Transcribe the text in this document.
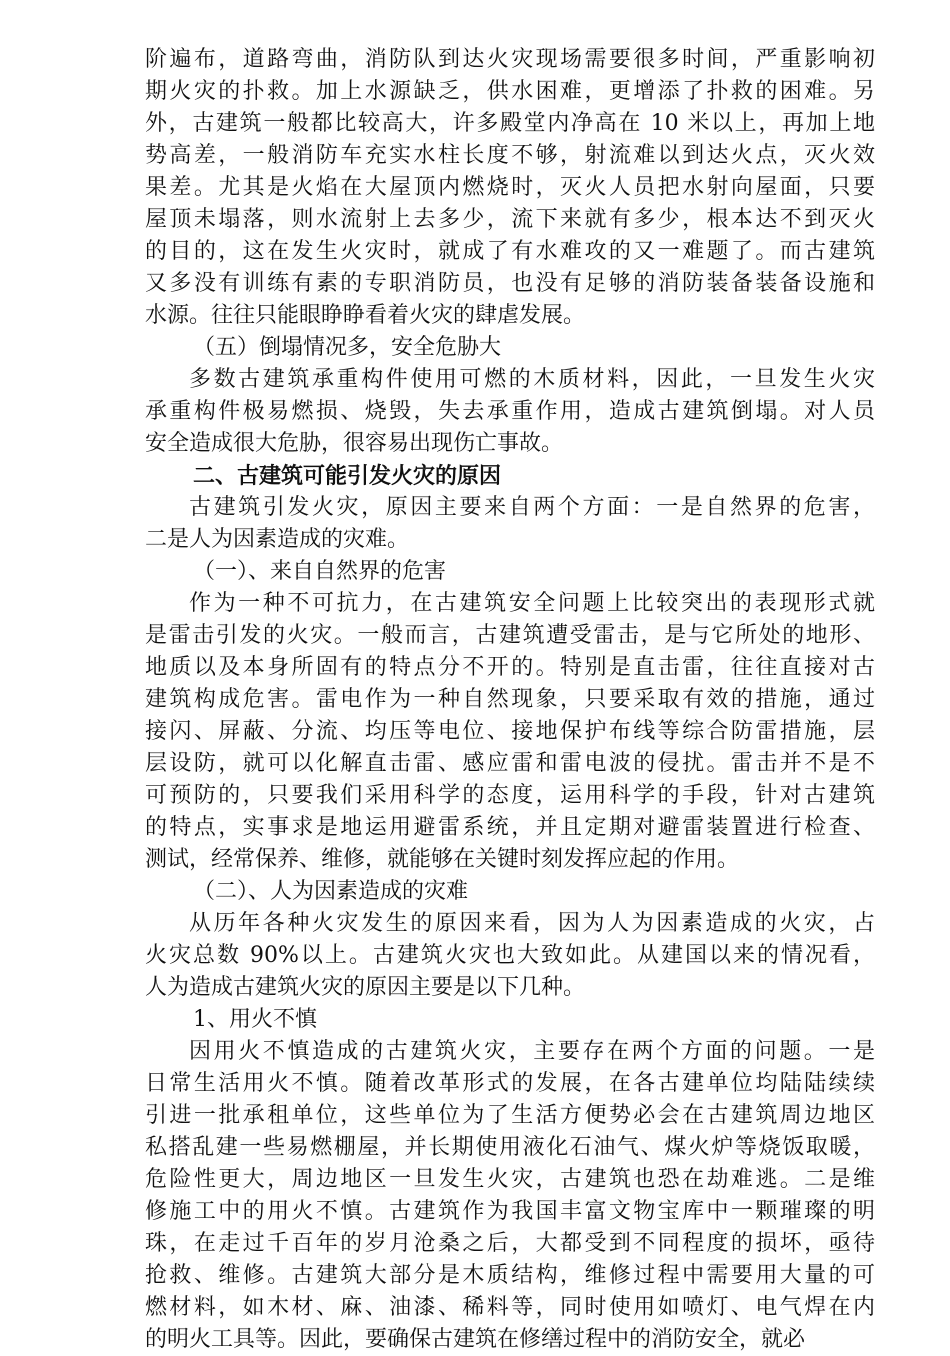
阶遍布，道路弯曲，消防队到达火灾现场需要很多时间，严重影响初
期火灾的扑救。加上水源缺乏，供水困难，更增添了扑救的困难。另
外，古建筑一般都比较高大，许多殿堂内净高在 10 米以上，再加上地
势高差，一般消防车充实水柱长度不够，射流难以到达火点，灭火效
果差。尤其是火焰在大屋顶内燃烧时，灭火人员把水射向屋面，只要
屋顶未塌落，则水流射上去多少，流下来就有多少，根本达不到灭火
的目的，这在发生火灾时，就成了有水难攻的又一难题了。而古建筑
又多没有训练有素的专职消防员，也没有足够的消防装备装备设施和
水源。往往只能眼睁睁看着火灾的肆虐发展。
（五）倒塌情况多，安全危胁大
多数古建筑承重构件使用可燃的木质材料，因此，一旦发生火灾
承重构件极易燃损、烧毁，失去承重作用，造成古建筑倒塌。对人员
安全造成很大危胁，很容易出现伤亡事故。
二、古建筑可能引发火灾的原因
古建筑引发火灾，原因主要来自两个方面：一是自然界的危害，
二是人为因素造成的灾难。
（一）、来自自然界的危害
作为一种不可抗力，在古建筑安全问题上比较突出的表现形式就
是雷击引发的火灾。一般而言，古建筑遭受雷击，是与它所处的地形、
地质以及本身所固有的特点分不开的。特别是直击雷，往往直接对古
建筑构成危害。雷电作为一种自然现象，只要采取有效的措施，通过
接闪、屏蔽、分流、均压等电位、接地保护布线等综合防雷措施，层
层设防，就可以化解直击雷、感应雷和雷电波的侵扰。雷击并不是不
可预防的，只要我们采用科学的态度，运用科学的手段，针对古建筑
的特点，实事求是地运用避雷系统，并且定期对避雷装置进行检查、
测试，经常保养、维修，就能够在关键时刻发挥应起的作用。
（二）、人为因素造成的灾难
从历年各种火灾发生的原因来看，因为人为因素造成的火灾，占
火灾总数 90%以上。古建筑火灾也大致如此。从建国以来的情况看，
人为造成古建筑火灾的原因主要是以下几种。
1、用火不慎
因用火不慎造成的古建筑火灾，主要存在两个方面的问题。一是
日常生活用火不慎。随着改革形式的发展，在各古建单位均陆陆续续
引进一批承租单位，这些单位为了生活方便势必会在古建筑周边地区
私搭乱建一些易燃棚屋，并长期使用液化石油气、煤火炉等烧饭取暖，
危险性更大，周边地区一旦发生火灾，古建筑也恐在劫难逃。二是维
修施工中的用火不慎。古建筑作为我国丰富文物宝库中一颗璀璨的明
珠，在走过千百年的岁月沧桑之后，大都受到不同程度的损坏，亟待
抢救、维修。古建筑大部分是木质结构，维修过程中需要用大量的可
燃材料，如木材、麻、油漆、稀料等，同时使用如喷灯、电气焊在内
的明火工具等。因此，要确保古建筑在修缮过程中的消防安全，就必
